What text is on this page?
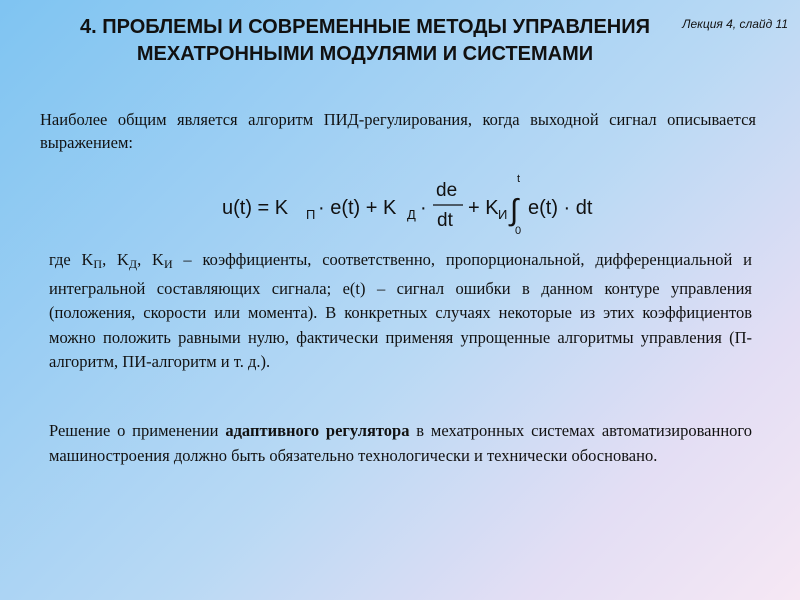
4. ПРОБЛЕМЫ И СОВРЕМЕННЫЕ МЕТОДЫ УПРАВЛЕНИЯ
МЕХАТРОННЫМИ МОДУЛЯМИ И СИСТЕМАМИ
Лекция 4, слайд 11
Наиболее общим является алгоритм ПИД-регулирования, когда выходной сигнал описывается выражением:
u(t) = K П · e(t) + K Д ·
de
dt
+ K И ∫
t
0
e(t) · dt
где KП, KД, KИ – коэффициенты, соответственно, пропорциональной, дифференциальной и интегральной составляющих сигнала; e(t) – сигнал ошибки в данном контуре управления (положения, скорости или момента). В конкретных случаях некоторые из этих коэффициентов можно положить равными нулю, фактически применяя упрощенные алгоритмы управления (П-алгоритм, ПИ-алгоритм и т. д.).
Решение о применении адаптивного регулятора в мехатронных системах автоматизированного машиностроения должно быть обязательно технологически и технически обосновано.
